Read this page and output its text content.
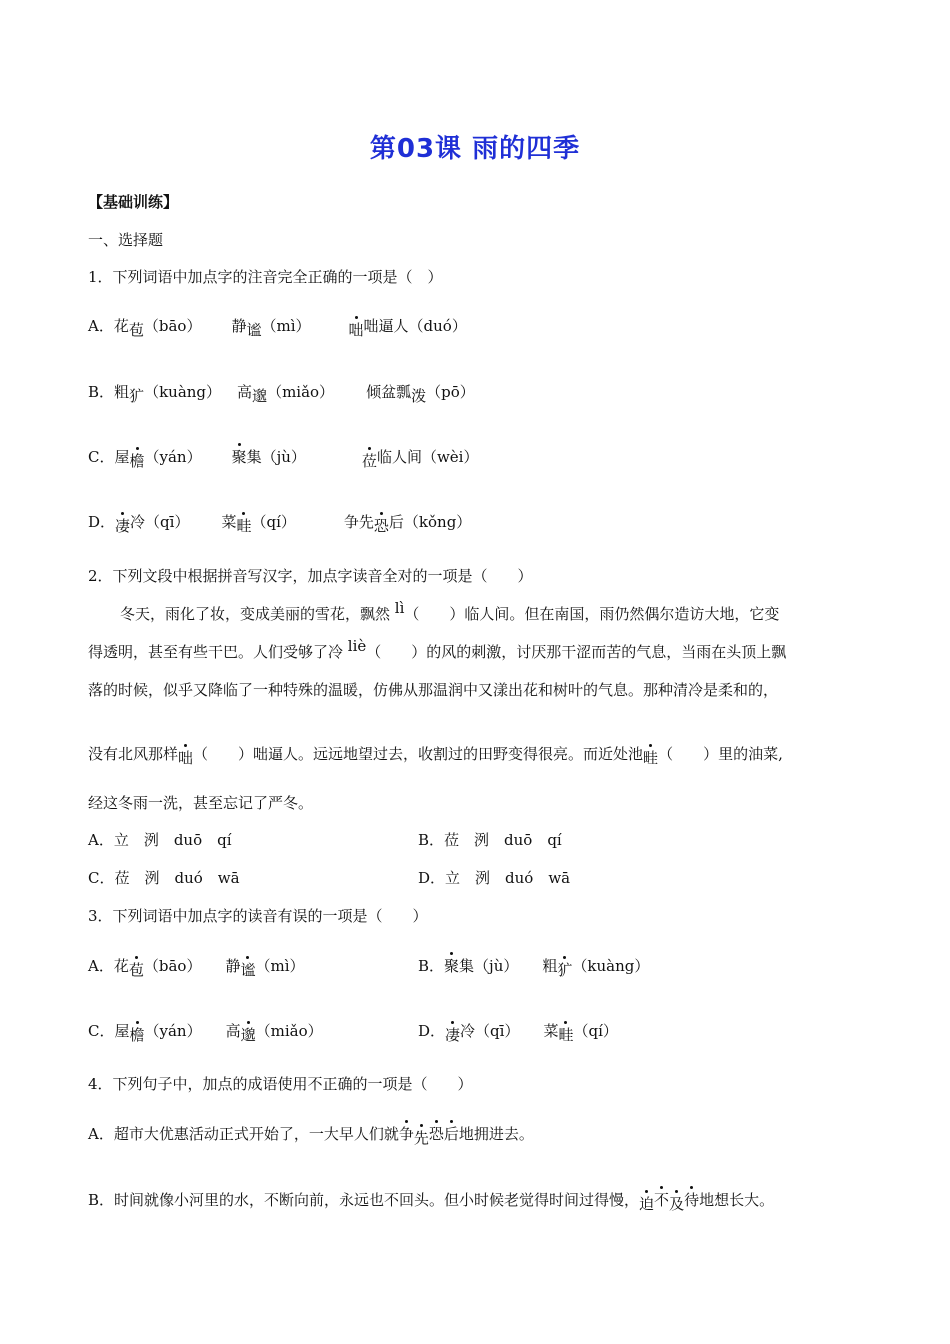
第03课 雨的四季
【基础训练】
一、选择题
1．下列词语中加点字的注音完全正确的一项是（　）
A．花苞（bāo） 静谧（mì）	咄咄逼人（duó）
B．粗犷（kuàng） 高邈（miǎo） 倾盆瓢泼（pō）
C．屋檐（yán） 聚集（jù）	莅临人间（wèi）
D．凄冷（qī） 菜畦（qí）	争先恐后（kǒng）
2．下列文段中根据拼音写汉字，加点字读音全对的一项是（　　）
冬天，雨化了妆，变成美丽的雪花，飘然 lì（　　）临人间。但在南国，雨仍然偶尔造访大地，它变
得透明，甚至有些干巴。人们受够了冷 liè（　　）的风的刺激，讨厌那干涩而苦的气息，当雨在头顶上飘
落的时候，似乎又降临了一种特殊的温暖，仿佛从那温润中又漾出花和树叶的气息。那种清冷是柔和的，
没有北风那样咄（　　）咄逼人。远远地望过去，收割过的田野变得很亮。而近处池畦（　　）里的油菜,
经这冬雨一洗，甚至忘记了严冬。
A．立　洌　duō　qí	B．莅　洌　duō　qí
C．莅　洌　duó　wā	D．立　洌　duó　wā
3．下列词语中加点字的读音有误的一项是（　　）
A．花苞（bāo） 静谧（mì）	B．聚集（jù） 粗犷（kuàng）
C．屋檐（yán） 高邈（miǎo）	D．凄冷（qī） 菜畦（qí）
4．下列句子中，加点的成语使用不正确的一项是（　　）
A．超市大优惠活动正式开始了，一大早人们就争先恐后地拥进去。
B．时间就像小河里的水，不断向前，永远也不回头。但小时候老觉得时间过得慢，迫不及待地想长大。
